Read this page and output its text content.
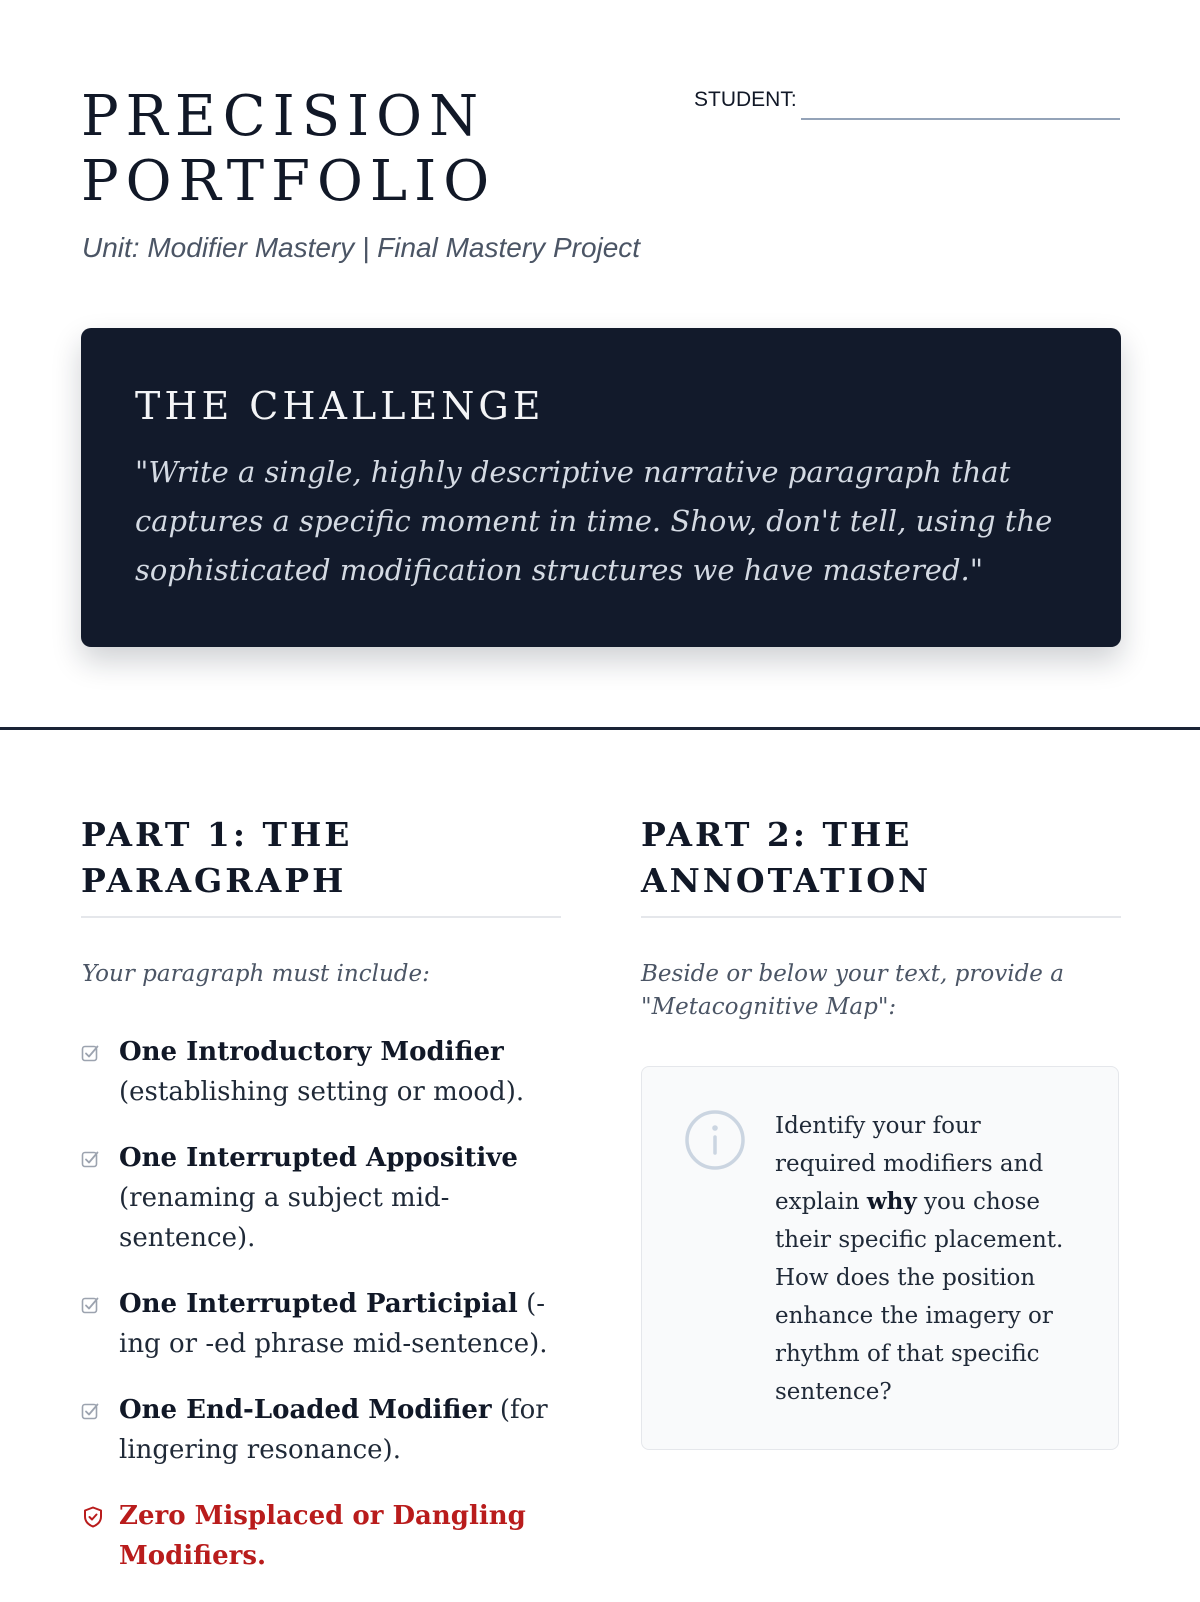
PRECISION
PORTFOLIO
Unit: Modifier Mastery | Final Mastery Project
STUDENT:
THE CHALLENGE

"Write a single, highly descriptive narrative paragraph that captures a specific moment in time. Show, don't tell, using the sophisticated modification structures we have mastered."

PART 1: THE
PARAGRAPH
Your paragraph must include:
One Introductory Modifier (establishing setting or mood).
One Interrupted Appositive (renaming a subject mid-sentence).
One Interrupted Participial (-ing or -ed phrase mid-sentence).
One End-Loaded Modifier (for lingering resonance).
Zero Misplaced or Dangling Modifiers.
PART 2: THE
ANNOTATION
Beside or below your text, provide a "Metacognitive Map":

Identify your four required modifiers and explain why you chose their specific placement. How does the position enhance the imagery or rhythm of that specific sentence?
